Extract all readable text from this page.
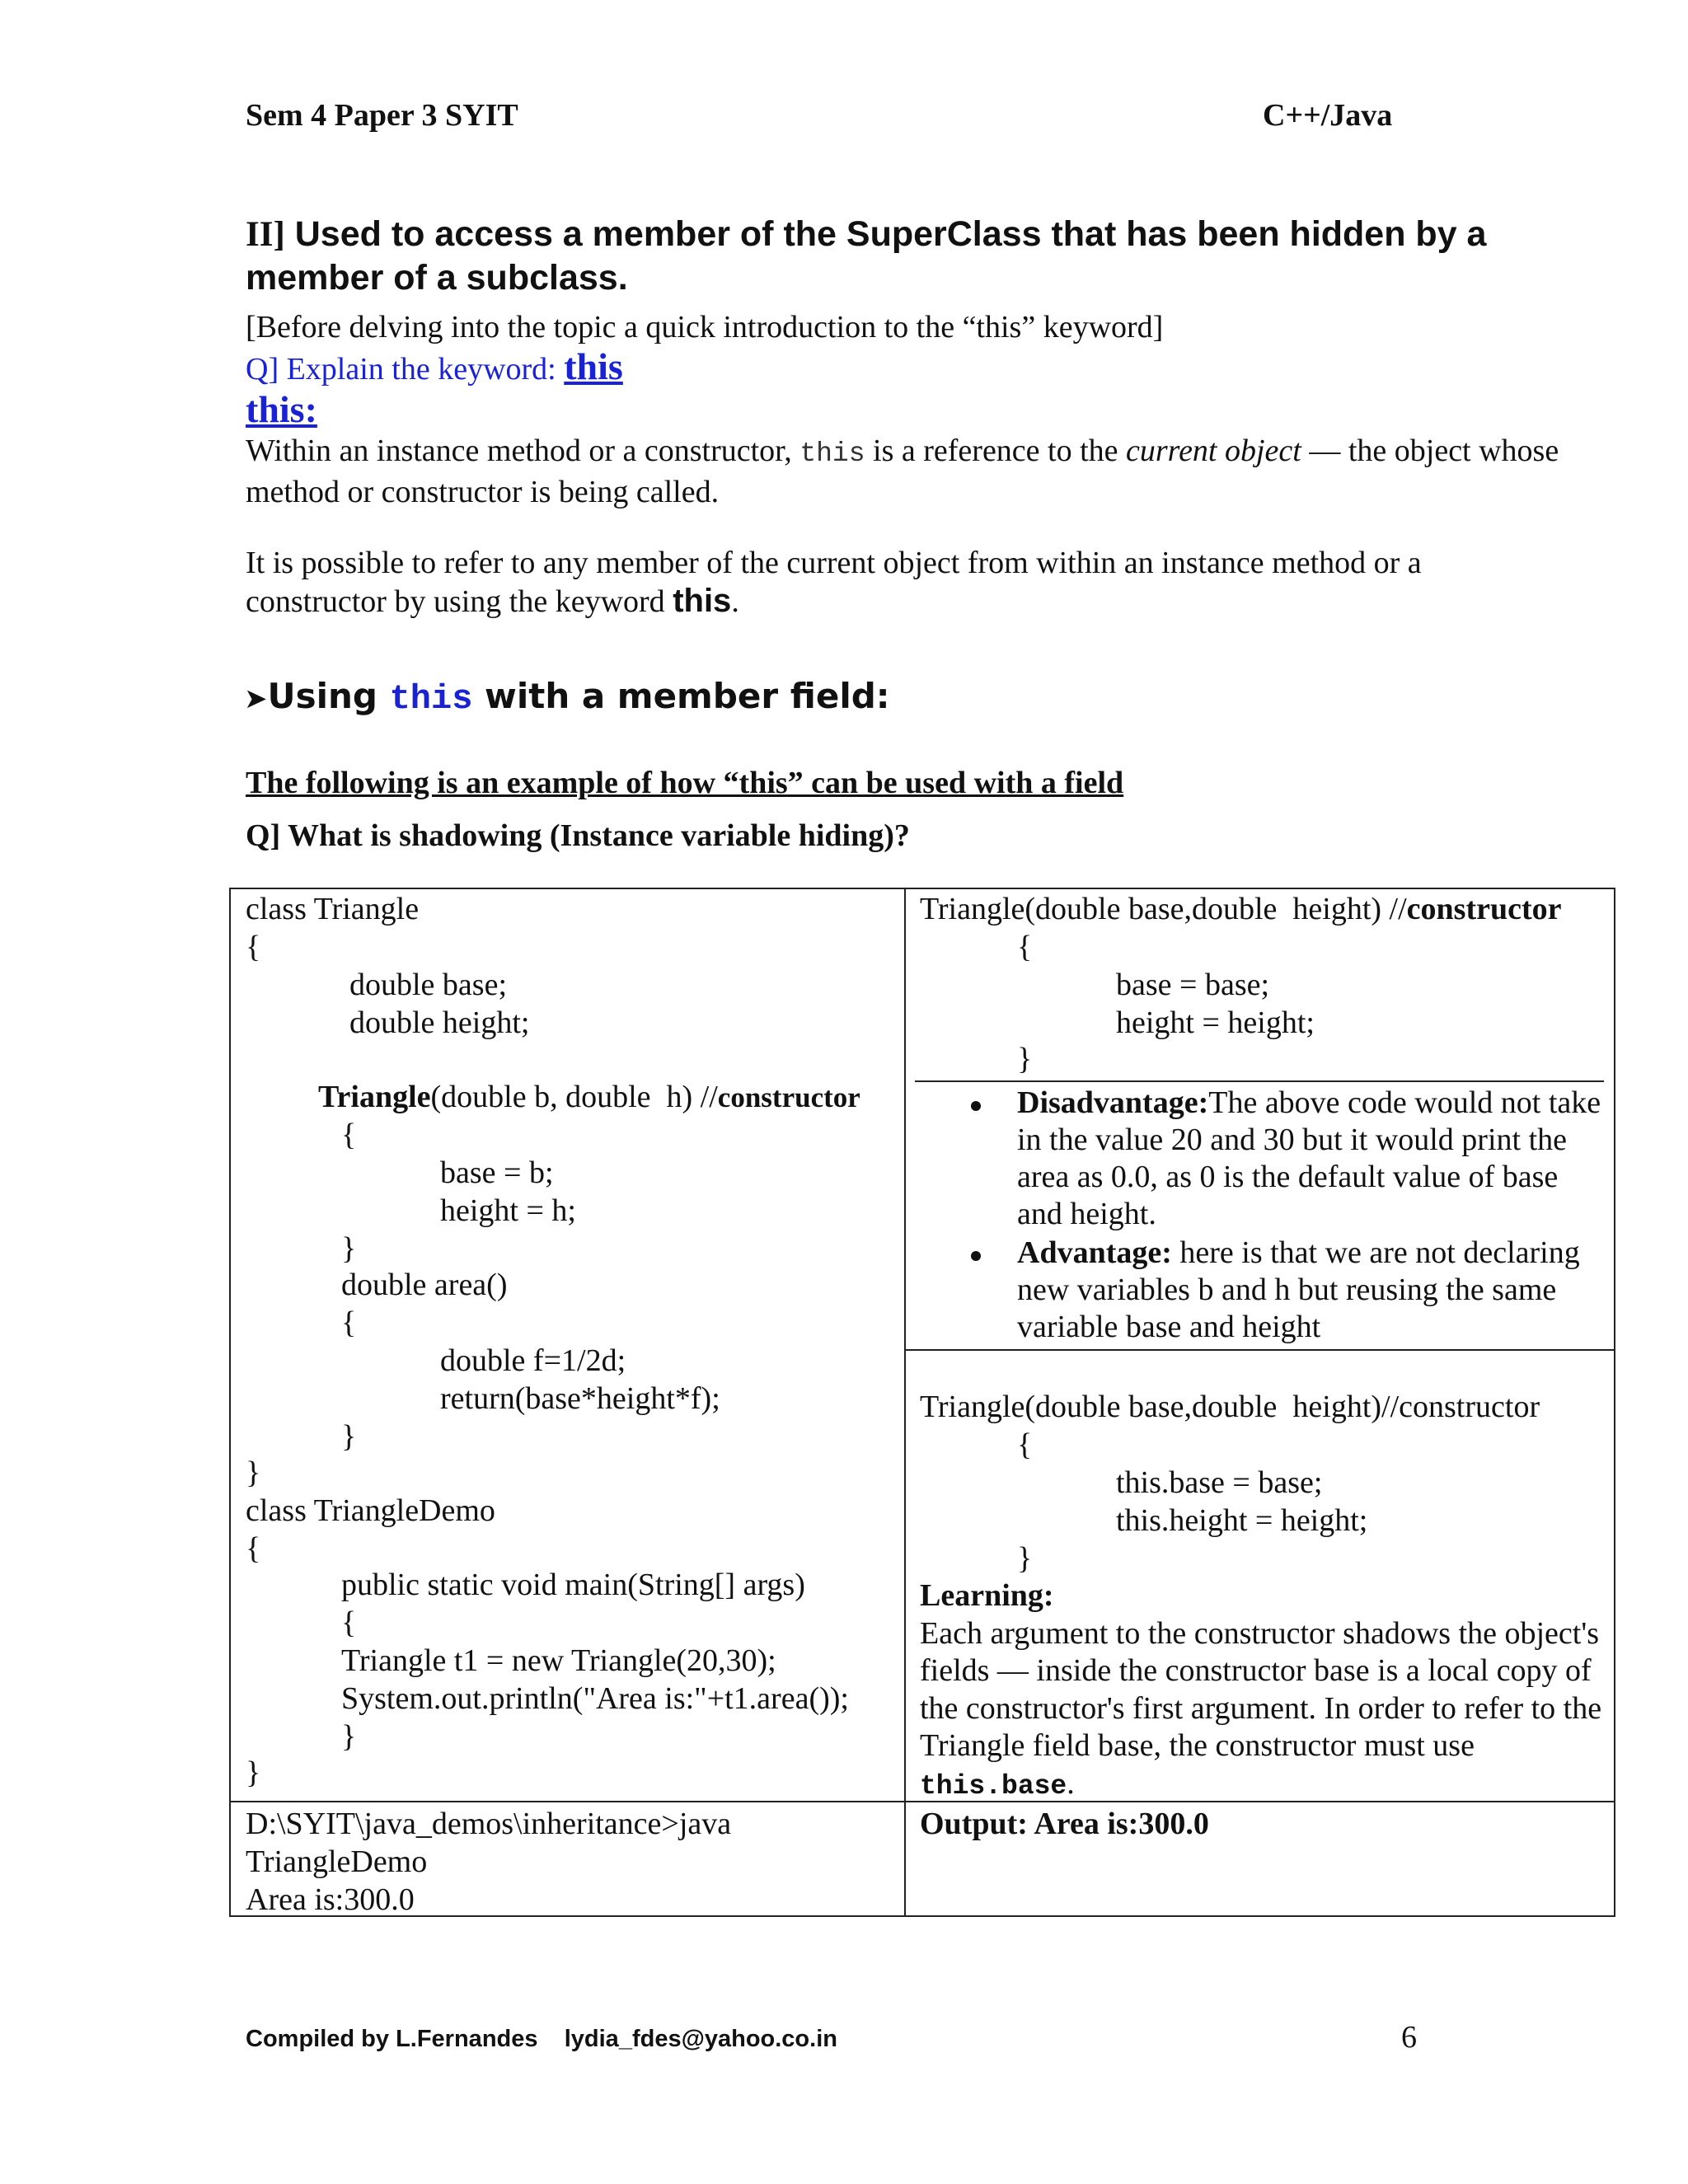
Sem 4 Paper 3 SYIT	C++/Java
II] Used to access a member of the SuperClass that has been hidden by a member of a subclass.
[Before delving into the topic a quick introduction to the “this” keyword]
Q] Explain the keyword: this
this:
Within an instance method or a constructor, this is a reference to the current object — the object whose method or constructor is being called.
It is possible to refer to any member of the current object from within an instance method or a constructor by using the keyword this.
➤Using this with a member field:
The following is an example of how “this” can be used with a field
Q] What is shadowing (Instance variable hiding)?
class Triangle
{
double base;
double height;
Triangle(double b, double  h) //constructor
{
base = b;
height = h;
}
double area()
{
double f=1/2d;
return(base*height*f);
}
}
class TriangleDemo
{
public static void main(String[] args)
{
Triangle t1 = new Triangle(20,30);
System.out.println("Area is:"+t1.area());
}
}
Triangle(double base,double  height) //constructor
{
base = base;
height = height;
}
Disadvantage:The above code would not take in the value 20 and 30 but it would print the area as 0.0, as 0 is the default value of base and height.
Advantage: here is that we are not declaring new variables b and h but reusing the same variable base and height
Triangle(double base,double  height)//constructor
{
this.base = base;
this.height = height;
}
Learning:
Each argument to the constructor shadows the object's fields — inside the constructor base is a local copy of the constructor's first argument. In order to refer to the Triangle field base, the constructor must use this.base.
D:\SYIT\java_demos\inheritance>java
TriangleDemo
Area is:300.0
Output: Area is:300.0
Compiled by L.Fernandes    lydia_fdes@yahoo.co.in	6
